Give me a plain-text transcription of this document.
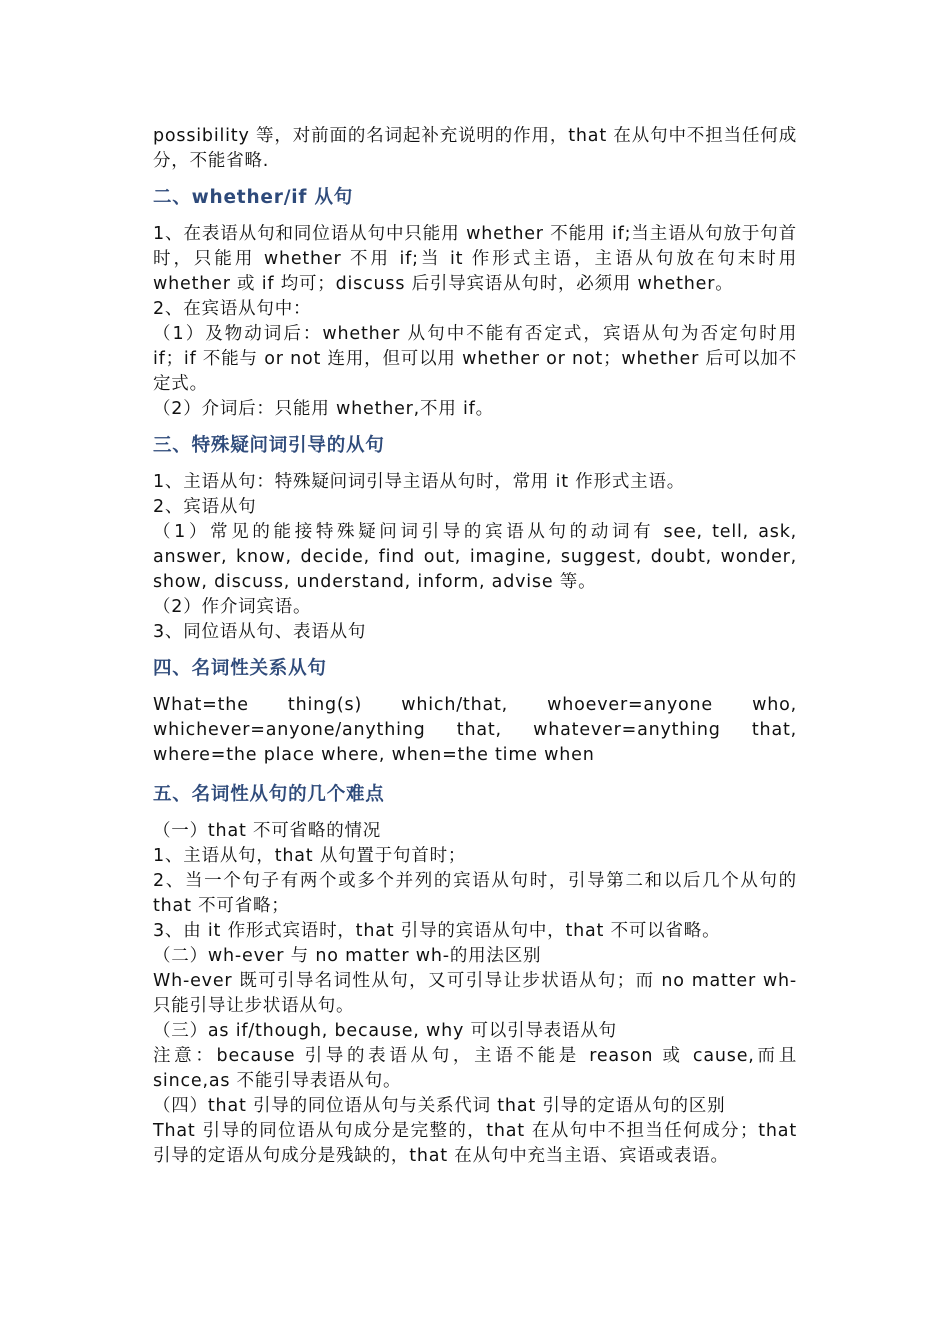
possibility 等，对前面的名词起补充说明的作用，that 在从句中不担当任何成分，不能省略.

二、whether/if 从句

1、在表语从句和同位语从句中只能用 whether 不能用 if;当主语从句放于句首时，只能用 whether 不用 if;当 it 作形式主语，主语从句放在句末时用 whether 或 if 均可；discuss 后引导宾语从句时，必须用 whether。

2、在宾语从句中：

（1）及物动词后：whether 从句中不能有否定式，宾语从句为否定句时用 if；if 不能与 or not 连用，但可以用 whether or not；whether 后可以加不定式。

（2）介词后：只能用 whether,不用 if。

三、特殊疑问词引导的从句

1、主语从句：特殊疑问词引导主语从句时，常用 it 作形式主语。

2、宾语从句

（1）常见的能接特殊疑问词引导的宾语从句的动词有 see, tell, ask, answer, know, decide, find out, imagine, suggest, doubt, wonder, show, discuss, understand, inform, advise 等。

（2）作介词宾语。

3、同位语从句、表语从句

四、名词性关系从句

What=the thing(s) which/that, whoever=anyone who, whichever=anyone/anything that, whatever=anything that, where=the place where, when=the time when

五、名词性从句的几个难点

（一）that 不可省略的情况

1、主语从句，that 从句置于句首时；

2、当一个句子有两个或多个并列的宾语从句时，引导第二和以后几个从句的 that 不可省略；

3、由 it 作形式宾语时，that 引导的宾语从句中，that 不可以省略。

（二）wh-ever 与 no matter wh-的用法区别

Wh-ever 既可引导名词性从句，又可引导让步状语从句；而 no matter wh-只能引导让步状语从句。

（三）as if/though, because, why 可以引导表语从句

注意：because 引导的表语从句，主语不能是 reason 或 cause,而且 since,as 不能引导表语从句。

（四）that 引导的同位语从句与关系代词 that 引导的定语从句的区别

That 引导的同位语从句成分是完整的，that 在从句中不担当任何成分；that 引导的定语从句成分是残缺的，that 在从句中充当主语、宾语或表语。
